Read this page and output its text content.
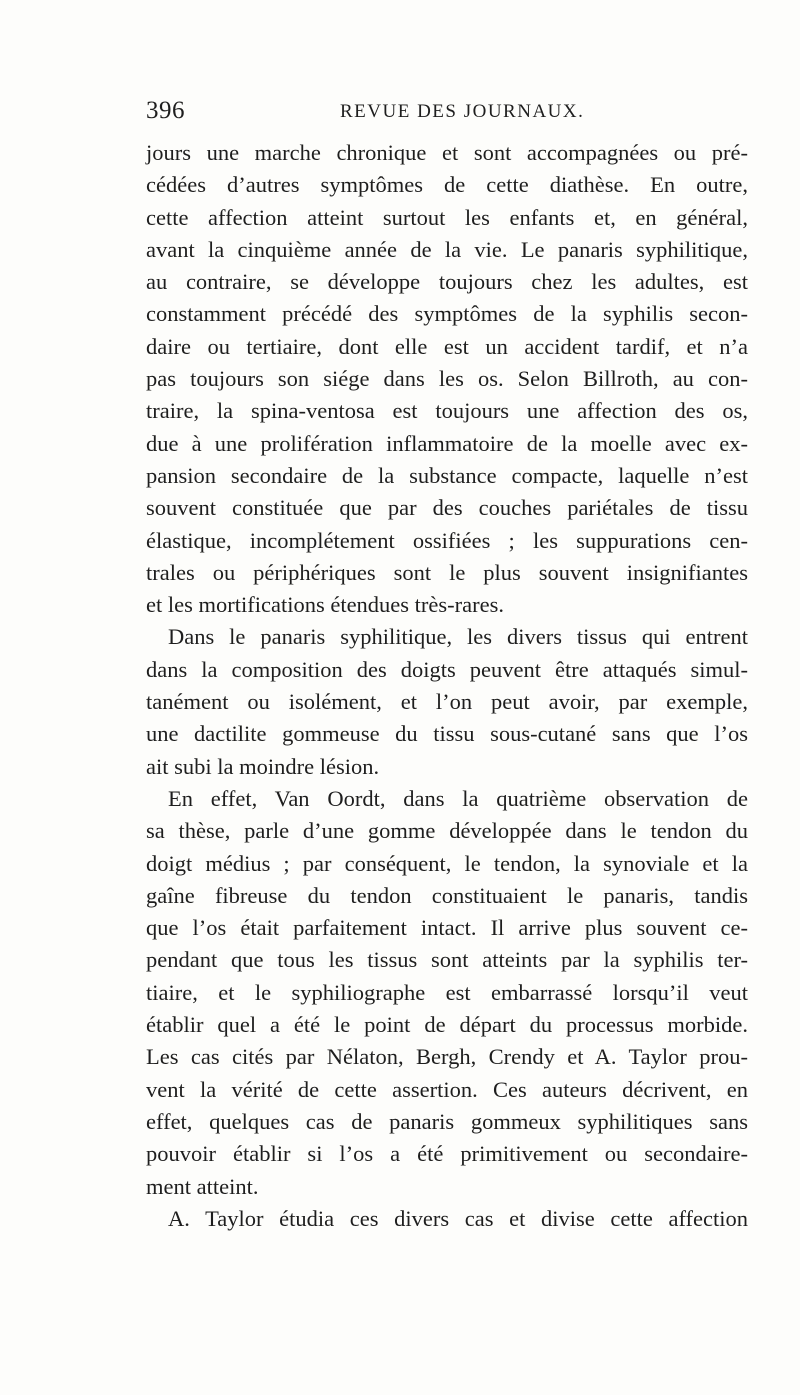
396	REVUE DES JOURNAUX.
jours une marche chronique et sont accompagnées ou pré-
cédées d’autres symptômes de cette diathèse. En outre,
cette affection atteint surtout les enfants et, en général,
avant la cinquième année de la vie. Le panaris syphilitique,
au contraire, se développe toujours chez les adultes, est
constamment précédé des symptômes de la syphilis secon-
daire ou tertiaire, dont elle est un accident tardif, et n’a
pas toujours son siége dans les os. Selon Billroth, au con-
traire, la spina-ventosa est toujours une affection des os,
due à une prolifération inflammatoire de la moelle avec ex-
pansion secondaire de la substance compacte, laquelle n’est
souvent constituée que par des couches pariétales de tissu
élastique, incomplétement ossifiées ; les suppurations cen-
trales ou périphériques sont le plus souvent insignifiantes
et les mortifications étendues très-rares.
Dans le panaris syphilitique, les divers tissus qui entrent
dans la composition des doigts peuvent être attaqués simul-
tanément ou isolément, et l’on peut avoir, par exemple,
une dactilite gommeuse du tissu sous-cutané sans que l’os
ait subi la moindre lésion.
En effet, Van Oordt, dans la quatrième observation de
sa thèse, parle d’une gomme développée dans le tendon du
doigt médius ; par conséquent, le tendon, la synoviale et la
gaîne fibreuse du tendon constituaient le panaris, tandis
que l’os était parfaitement intact. Il arrive plus souvent ce-
pendant que tous les tissus sont atteints par la syphilis ter-
tiaire, et le syphiliographe est embarrassé lorsqu’il veut
établir quel a été le point de départ du processus morbide.
Les cas cités par Nélaton, Bergh, Crendy et A. Taylor prou-
vent la vérité de cette assertion. Ces auteurs décrivent, en
effet, quelques cas de panaris gommeux syphilitiques sans
pouvoir établir si l’os a été primitivement ou secondaire-
ment atteint.
A. Taylor étudia ces divers cas et divise cette affection
